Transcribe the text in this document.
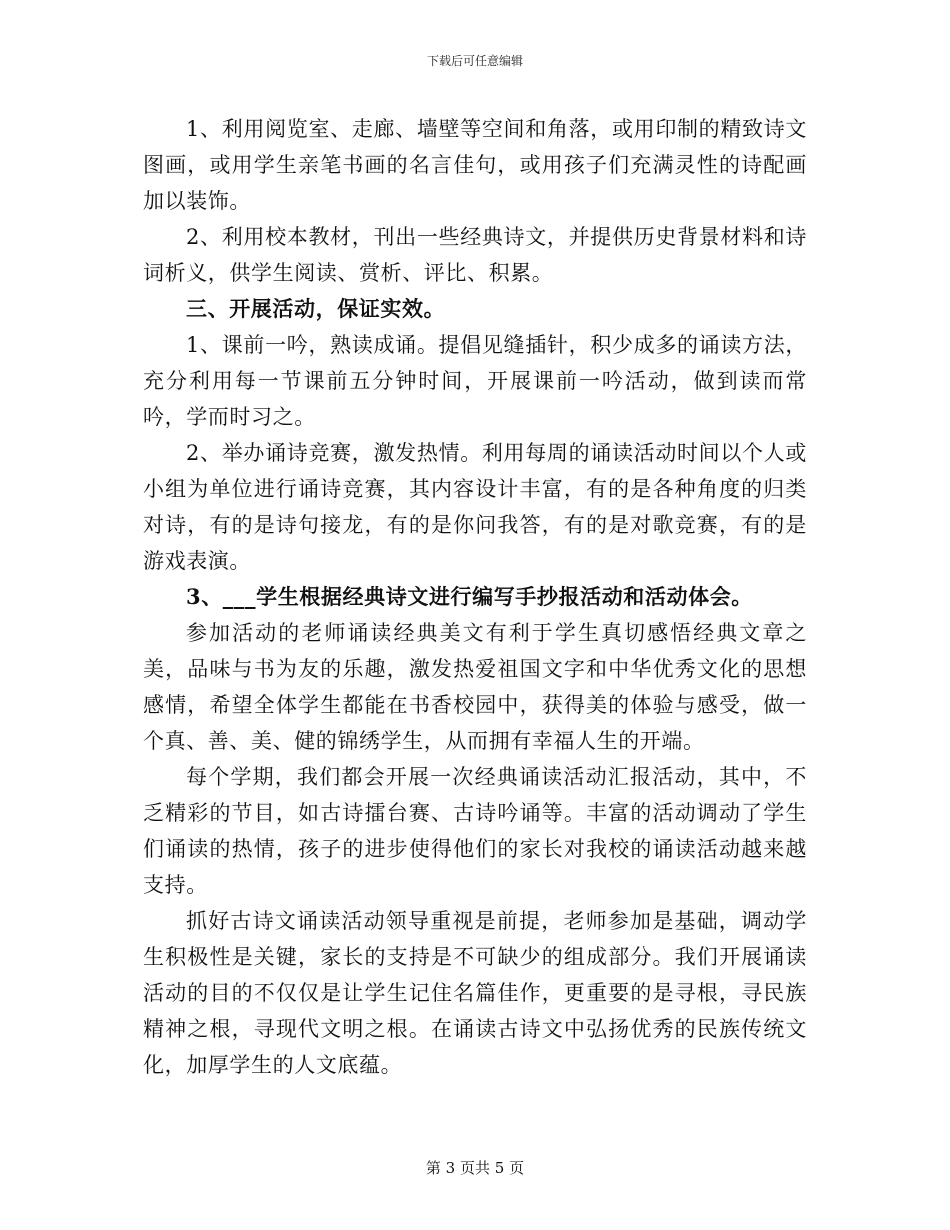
下载后可任意编辑

1、利用阅览室、走廊、墙壁等空间和角落，或用印制的精致诗文图画，或用学生亲笔书画的名言佳句，或用孩子们充满灵性的诗配画加以装饰。

2、利用校本教材，刊出一些经典诗文，并提供历史背景材料和诗词析义，供学生阅读、赏析、评比、积累。

三、开展活动，保证实效。

1、课前一吟，熟读成诵。提倡见缝插针，积少成多的诵读方法，充分利用每一节课前五分钟时间，开展课前一吟活动，做到读而常吟，学而时习之。

2、举办诵诗竞赛，激发热情。利用每周的诵读活动时间以个人或小组为单位进行诵诗竞赛，其内容设计丰富，有的是各种角度的归类对诗，有的是诗句接龙，有的是你问我答，有的是对歌竞赛，有的是游戏表演。

3、___学生根据经典诗文进行编写手抄报活动和活动体会。

参加活动的老师诵读经典美文有利于学生真切感悟经典文章之美，品味与书为友的乐趣，激发热爱祖国文字和中华优秀文化的思想感情，希望全体学生都能在书香校园中，获得美的体验与感受，做一个真、善、美、健的锦绣学生，从而拥有幸福人生的开端。

每个学期，我们都会开展一次经典诵读活动汇报活动，其中，不乏精彩的节目，如古诗擂台赛、古诗吟诵等。丰富的活动调动了学生们诵读的热情，孩子的进步使得他们的家长对我校的诵读活动越来越支持。

抓好古诗文诵读活动领导重视是前提，老师参加是基础，调动学生积极性是关键，家长的支持是不可缺少的组成部分。我们开展诵读活动的目的不仅仅是让学生记住名篇佳作，更重要的是寻根，寻民族精神之根，寻现代文明之根。在诵读古诗文中弘扬优秀的民族传统文化，加厚学生的人文底蕴。

第 3 页共 5 页
